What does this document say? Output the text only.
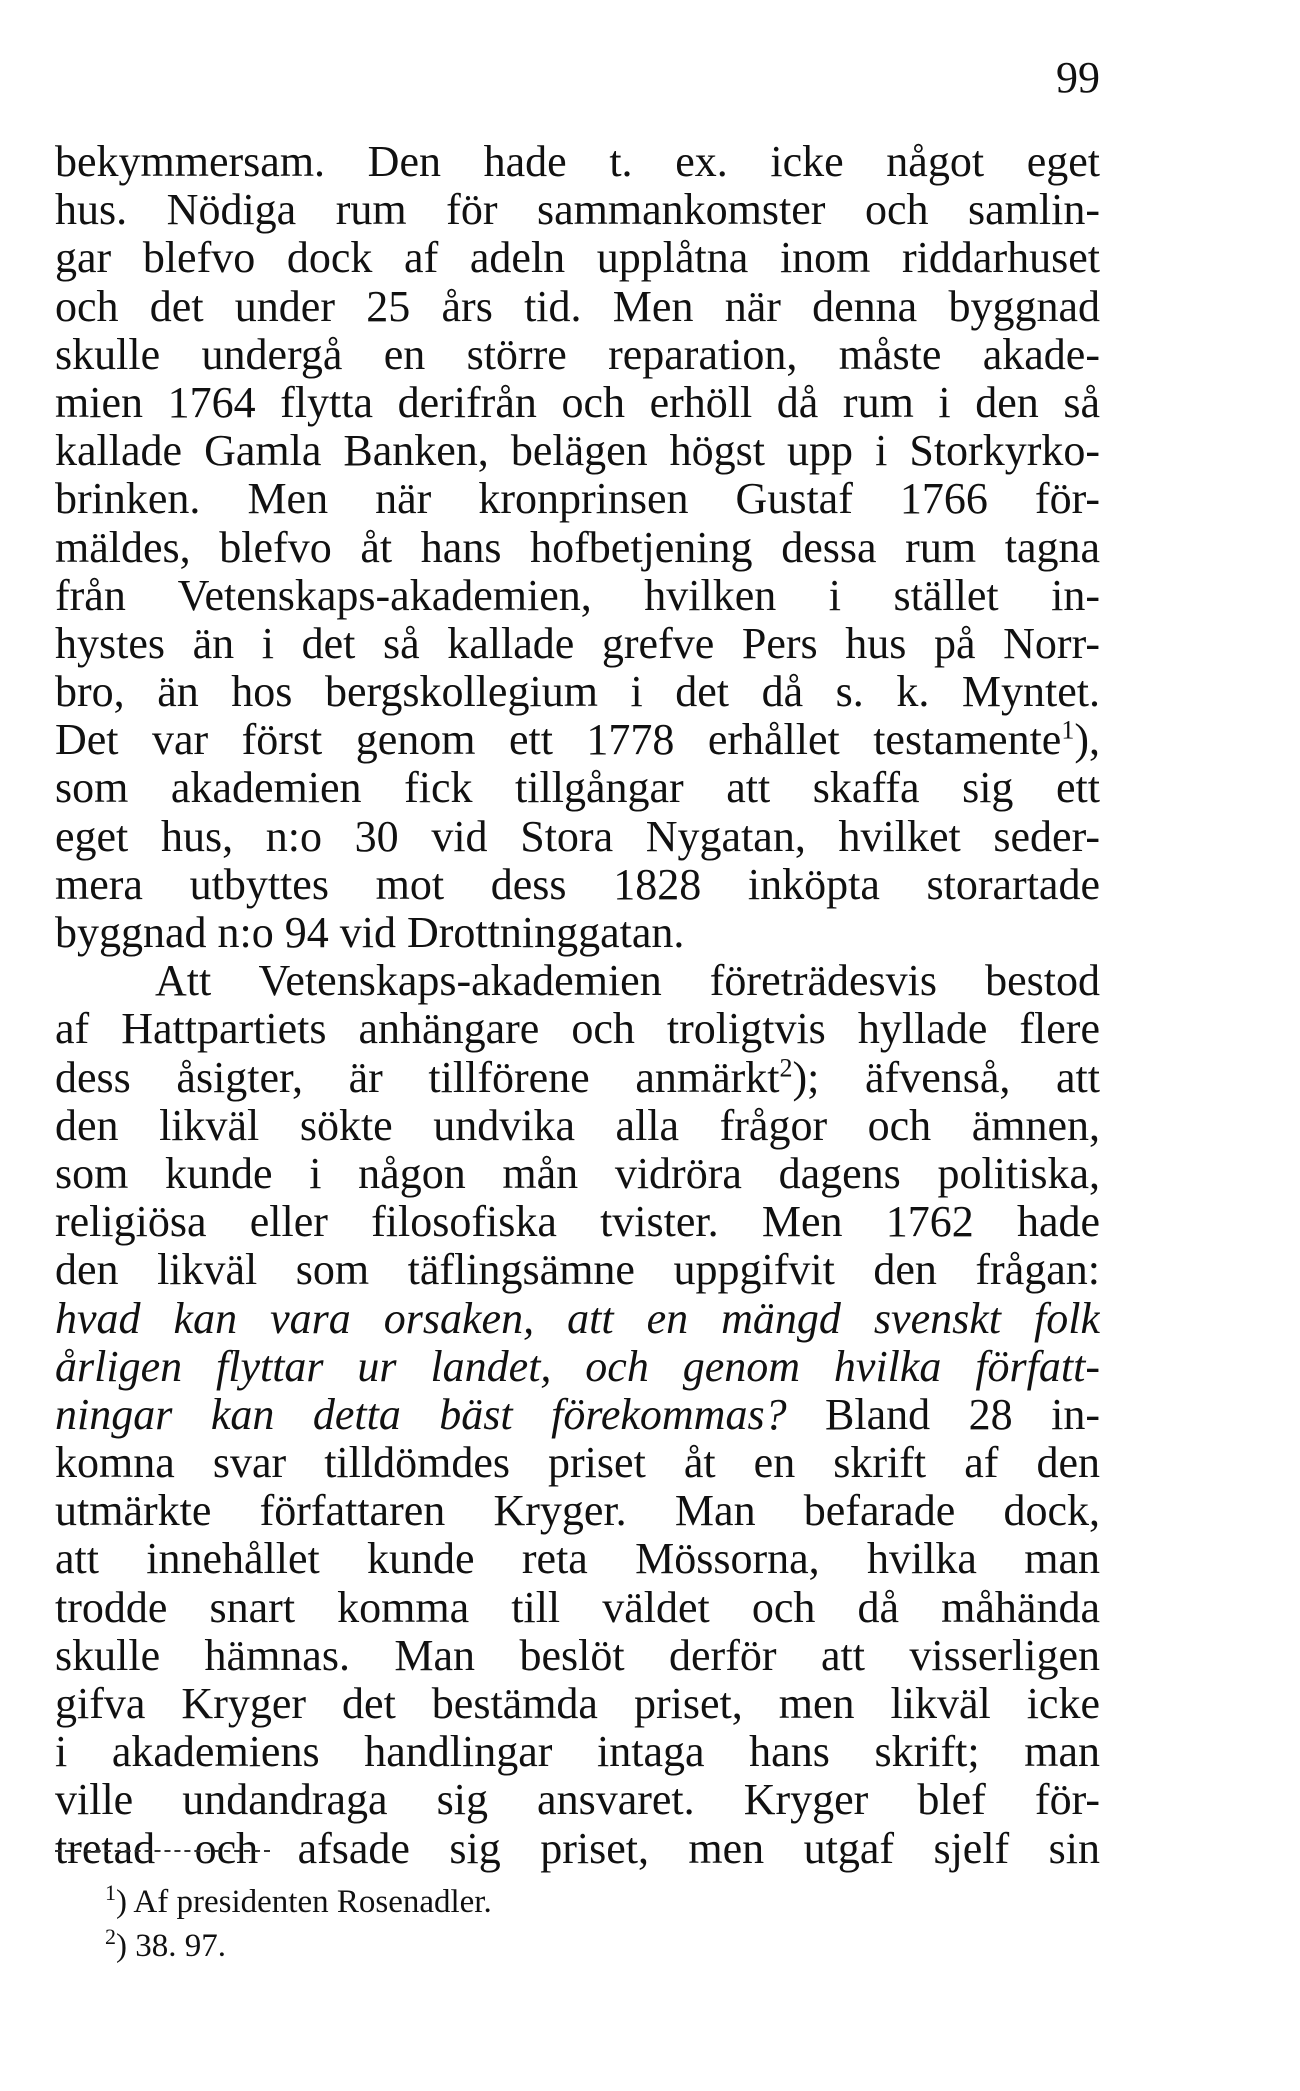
99
bekymmersam. Den hade t. ex. icke något eget
hus. Nödiga rum för sammankomster och samlin-
gar blefvo dock af adeln upplåtna inom riddarhuset
och det under 25 års tid. Men när denna byggnad
skulle undergå en större reparation, måste akade-
mien 1764 flytta derifrån och erhöll då rum i den så
kallade Gamla Banken, belägen högst upp i Storkyrko-
brinken. Men när kronprinsen Gustaf 1766 för-
mäldes, blefvo åt hans hofbetjening dessa rum tagna
från Vetenskaps-akademien, hvilken i stället in-
hystes än i det så kallade grefve Pers hus på Norr-
bro, än hos bergskollegium i det då s. k. Myntet.
Det var först genom ett 1778 erhållet testamente$^1$),
som akademien fick tillgångar att skaffa sig ett
eget hus, n:o 30 vid Stora Nygatan, hvilket seder-
mera utbyttes mot dess 1828 inköpta storartade
byggnad n:o 94 vid Drottninggatan.
Att Vetenskaps-akademien företrädesvis bestod
af Hattpartiets anhängare och troligtvis hyllade flere
dess åsigter, är tillförene anmärkt$^2$); äfvenså, att
den likväl sökte undvika alla frågor och ämnen,
som kunde i någon mån vidröra dagens politiska,
religiösa eller filosofiska tvister. Men 1762 hade
den likväl som täflingsämne uppgifvit den frågan:
hvad kan vara orsaken, att en mängd svenskt folk
årligen flyttar ur landet, och genom hvilka författ-
ningar kan detta bäst förekommas? Bland 28 in-
komna svar tilldömdes priset åt en skrift af den
utmärkte författaren Kryger. Man befarade dock,
att innehållet kunde reta Mössorna, hvilka man
trodde snart komma till väldet och då måhända
skulle hämnas. Man beslöt derför att visserligen
gifva Kryger det bestämda priset, men likväl icke
i akademiens handlingar intaga hans skrift; man
ville undandraga sig ansvaret. Kryger blef för-
tretad och afsade sig priset, men utgaf sjelf sin
$^1$) Af presidenten Rosenadler.
$^2$) 38. 97.
